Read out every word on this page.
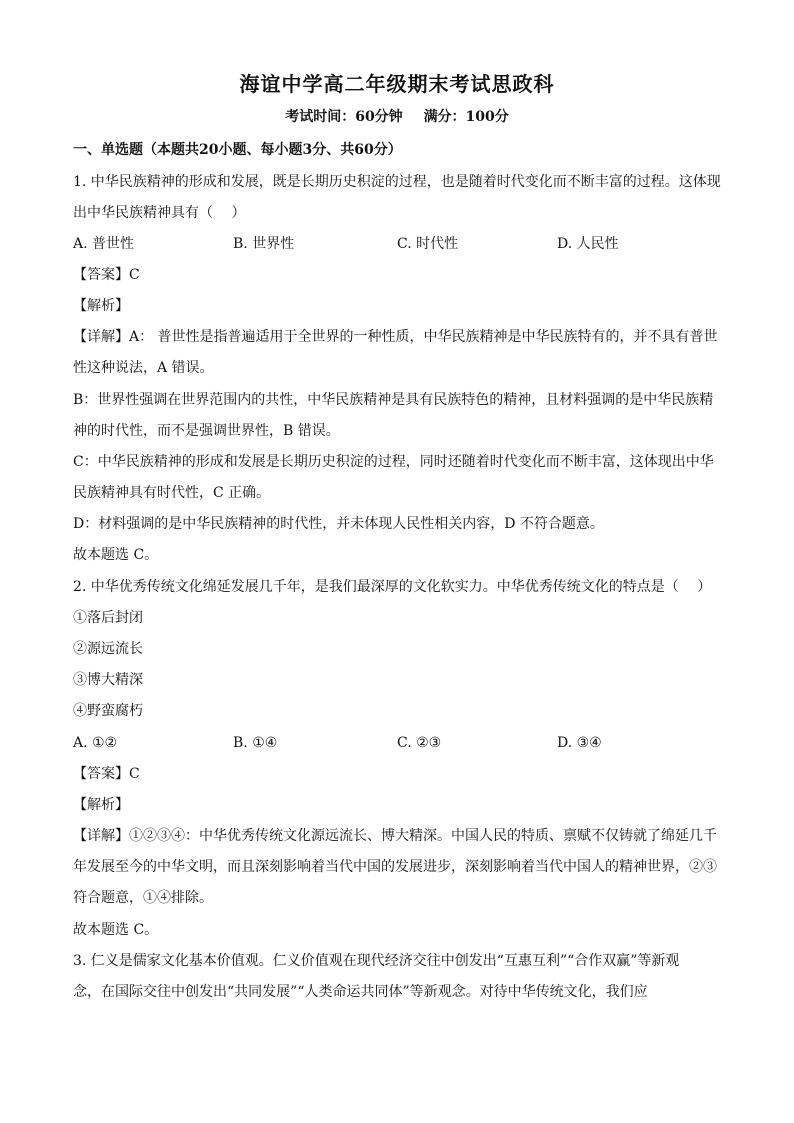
海谊中学高二年级期末考试思政科
考试时间：60分钟 满分：100分
一、单选题（本题共20小题、每小题3分、共60分）
1. 中华民族精神的形成和发展，既是长期历史积淀的过程，也是随着时代变化而不断丰富的过程。这体现
出中华民族精神具有（　 ）
A. 普世性	B. 世界性	C. 时代性	D. 人民性
【答案】C
【解析】
【详解】A： 普世性是指普遍适用于全世界的一种性质，中华民族精神是中华民族特有的，并不具有普世
性这种说法，A 错误。
B：世界性强调在世界范围内的共性，中华民族精神是具有民族特色的精神，且材料强调的是中华民族精
神的时代性，而不是强调世界性，B 错误。
C：中华民族精神的形成和发展是长期历史积淀的过程，同时还随着时代变化而不断丰富，这体现出中华
民族精神具有时代性，C 正确。
D：材料强调的是中华民族精神的时代性，并未体现人民性相关内容，D 不符合题意。
故本题选 C。
2. 中华优秀传统文化绵延发展几千年，是我们最深厚的文化软实力。中华优秀传统文化的特点是（　 ）
①落后封闭
②源远流长
③博大精深
④野蛮腐朽
A. ①②	B. ①④	C. ②③	D. ③④
【答案】C
【解析】
【详解】①②③④：中华优秀传统文化源远流长、博大精深。中国人民的特质、禀赋不仅铸就了绵延几千
年发展至今的中华文明，而且深刻影响着当代中国的发展进步，深刻影响着当代中国人的精神世界，②③
符合题意，①④排除。
故本题选 C。
3. 仁义是儒家文化基本价值观。仁义价值观在现代经济交往中创发出“互惠互利”“合作双赢”等新观
念，在国际交往中创发出“共同发展”“人类命运共同体”等新观念。对待中华传统文化，我们应
